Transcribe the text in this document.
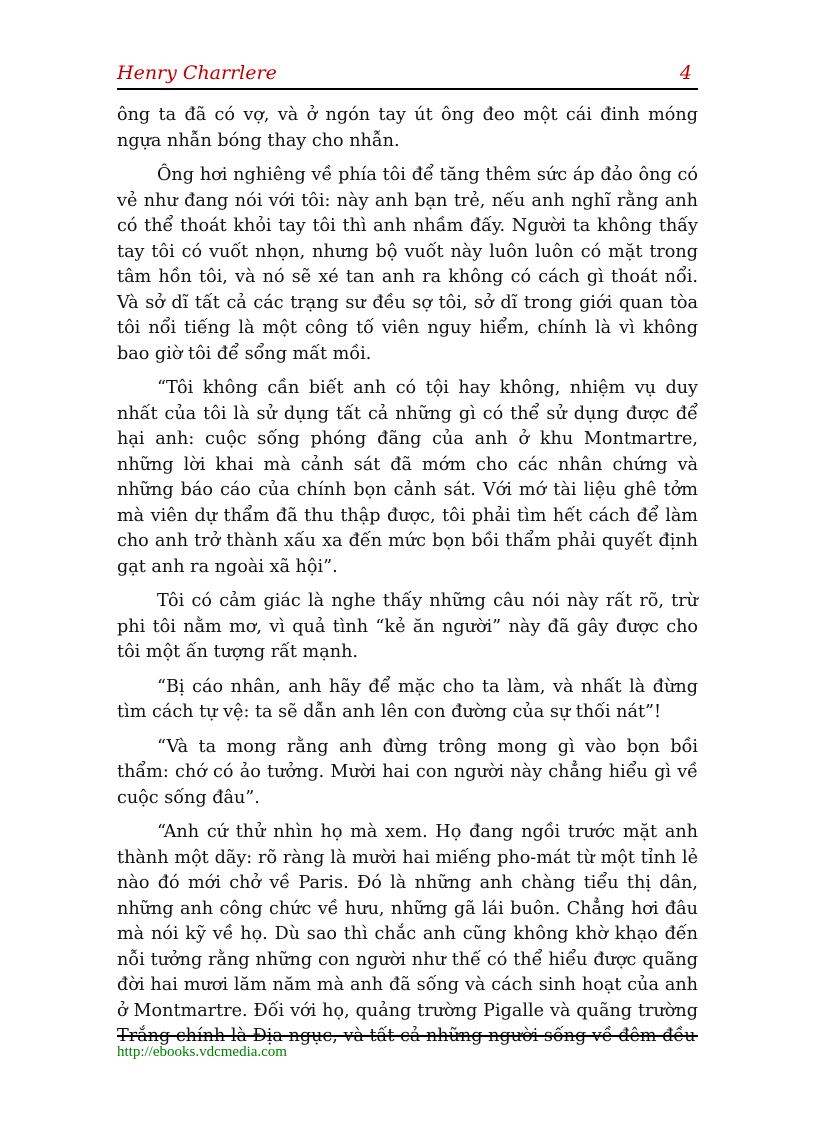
Henry Charrlere	4

ông ta đã có vợ, và ở ngón tay út ông đeo một cái đinh móng ngựa nhẫn bóng thay cho nhẫn.

Ông hơi nghiêng về phía tôi để tăng thêm sức áp đảo ông có vẻ như đang nói với tôi: này anh bạn trẻ, nếu anh nghĩ rằng anh có thể thoát khỏi tay tôi thì anh nhầm đấy. Người ta không thấy tay tôi có vuốt nhọn, nhưng bộ vuốt này luôn luôn có mặt trong tâm hồn tôi, và nó sẽ xé tan anh ra không có cách gì thoát nổi. Và sở dĩ tất cả các trạng sư đều sợ tôi, sở dĩ trong giới quan tòa tôi nổi tiếng là một công tố viên nguy hiểm, chính là vì không bao giờ tôi để sổng mất mồi.

“Tôi không cần biết anh có tội hay không, nhiệm vụ duy nhất của tôi là sử dụng tất cả những gì có thể sử dụng được để hại anh: cuộc sống phóng đãng của anh ở khu Montmartre, những lời khai mà cảnh sát đã mớm cho các nhân chứng và những báo cáo của chính bọn cảnh sát. Với mớ tài liệu ghê tởm mà viên dự thẩm đã thu thập được, tôi phải tìm hết cách để làm cho anh trở thành xấu xa đến mức bọn bồi thẩm phải quyết định gạt anh ra ngoài xã hội”.

Tôi có cảm giác là nghe thấy những câu nói này rất rõ, trừ phi tôi nằm mơ, vì quả tình “kẻ ăn người” này đã gây được cho tôi một ấn tượng rất mạnh.

“Bị cáo nhân, anh hãy để mặc cho ta làm, và nhất là đừng tìm cách tự vệ: ta sẽ dẫn anh lên con đường của sự thối nát”!

“Và ta mong rằng anh đừng trông mong gì vào bọn bồi thẩm: chớ có ảo tưởng. Mười hai con người này chẳng hiểu gì về cuộc sống đâu”.

“Anh cứ thử nhìn họ mà xem. Họ đang ngồi trước mặt anh thành một dãy: rõ ràng là mười hai miếng pho-mát từ một tỉnh lẻ nào đó mới chở về Paris. Đó là những anh chàng tiểu thị dân, những anh công chức về hưu, những gã lái buôn. Chẳng hơi đâu mà nói kỹ về họ. Dù sao thì chắc anh cũng không khờ khạo đến nỗi tưởng rằng những con người như thế có thể hiểu được quãng đời hai mươi lăm năm mà anh đã sống và cách sinh hoạt của anh ở Montmartre. Đối với họ, quảng trường Pigalle và quãng trường Trắng chính là Địa ngục, và tất cả những người sống về đêm đều

http://ebooks.vdcmedia.com
